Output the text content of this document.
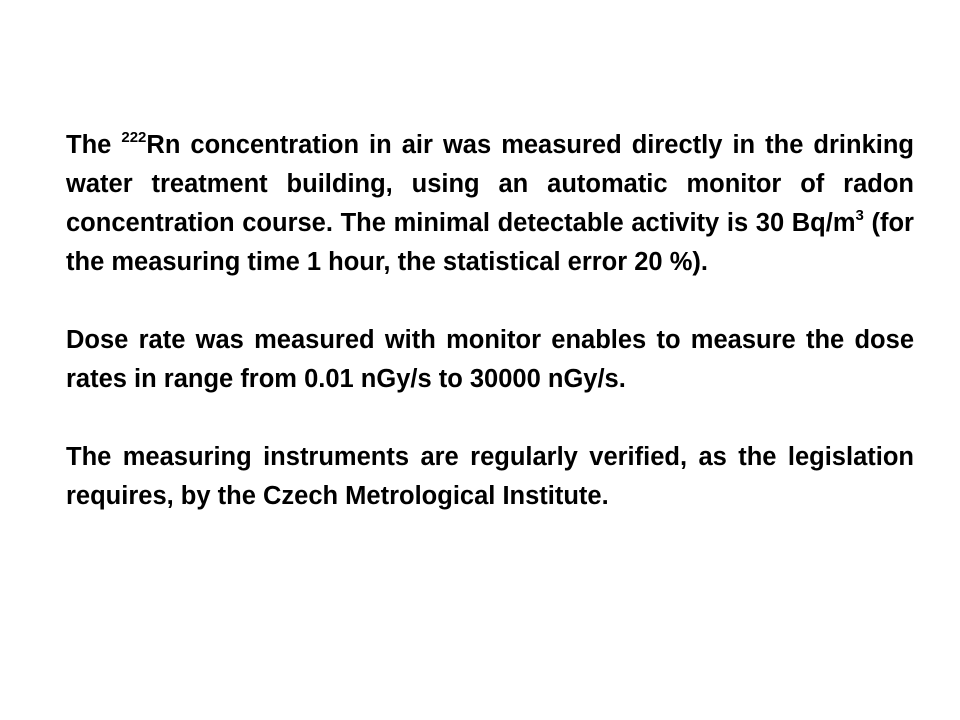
The $^{222}$Rn concentration in air was measured directly in the drinking water treatment building, using an automatic monitor of radon concentration course. The minimal detectable activity is 30 $Bq/m^3$ (for the measuring time 1 hour, the statistical error 20 %).

Dose rate was measured with monitor enables to measure the dose rates in range from 0.01 nGy/s to 30000 nGy/s.

The measuring instruments are regularly verified, as the legislation requires, by the Czech Metrological Institute.
